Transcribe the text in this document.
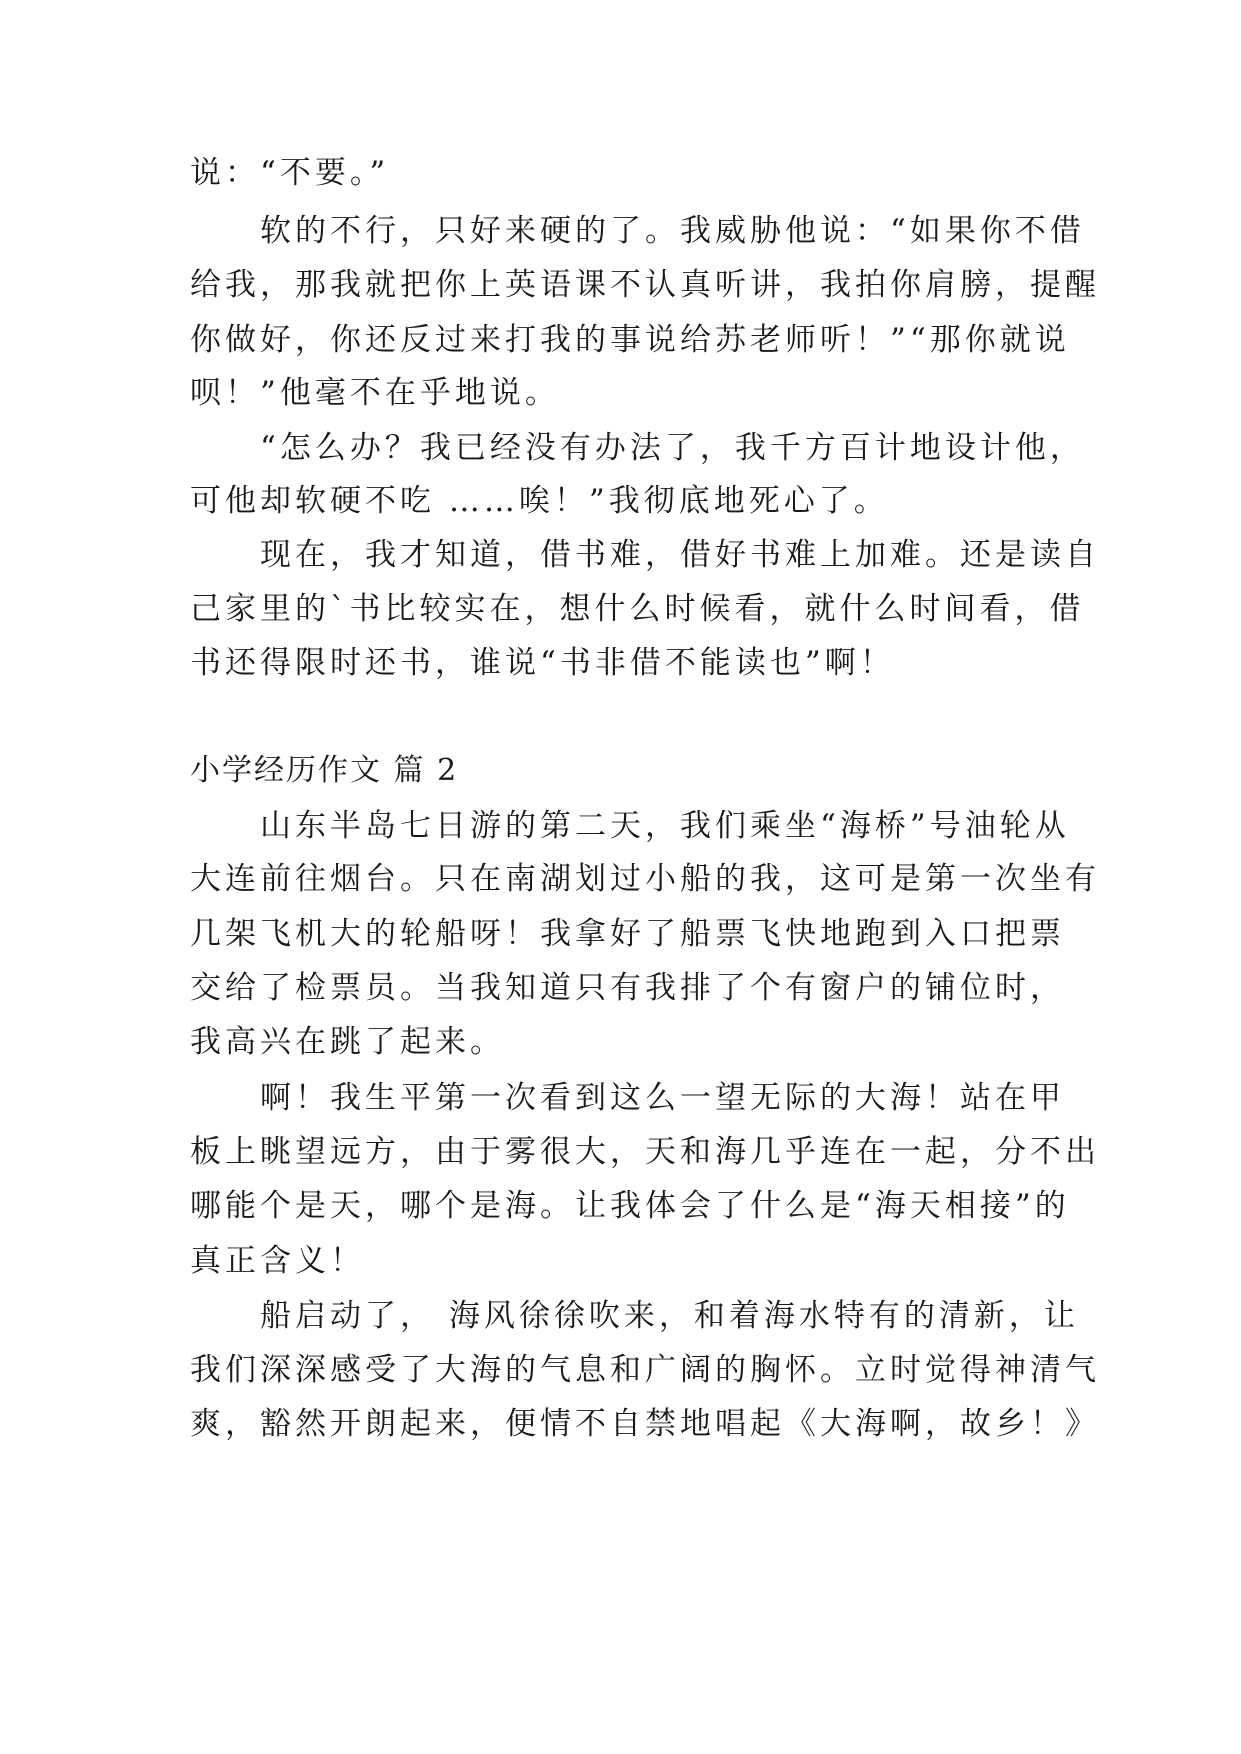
说：“不要。”
　　软的不行，只好来硬的了。我威胁他说：“如果你不借
给我，那我就把你上英语课不认真听讲，我拍你肩膀，提醒
你做好，你还反过来打我的事说给苏老师听！”“那你就说
呗！”他毫不在乎地说。
　　“怎么办？我已经没有办法了，我千方百计地设计他，
可他却软硬不吃 ……唉！”我彻底地死心了。
　　现在，我才知道，借书难，借好书难上加难。还是读自
己家里的`书比较实在，想什么时候看，就什么时间看，借
书还得限时还书，谁说“书非借不能读也”啊！
小学经历作文 篇 2
　　山东半岛七日游的第二天，我们乘坐“海桥”号油轮从
大连前往烟台。只在南湖划过小船的我，这可是第一次坐有
几架飞机大的轮船呀！我拿好了船票飞快地跑到入口把票
交给了检票员。当我知道只有我排了个有窗户的铺位时，
我高兴在跳了起来。
　　啊！我生平第一次看到这么一望无际的大海！站在甲
板上眺望远方，由于雾很大，天和海几乎连在一起，分不出
哪能个是天，哪个是海。让我体会了什么是“海天相接”的
真正含义！
　　船启动了， 海风徐徐吹来，和着海水特有的清新，让
我们深深感受了大海的气息和广阔的胸怀。立时觉得神清气
爽，豁然开朗起来，便情不自禁地唱起《大海啊，故乡！》
